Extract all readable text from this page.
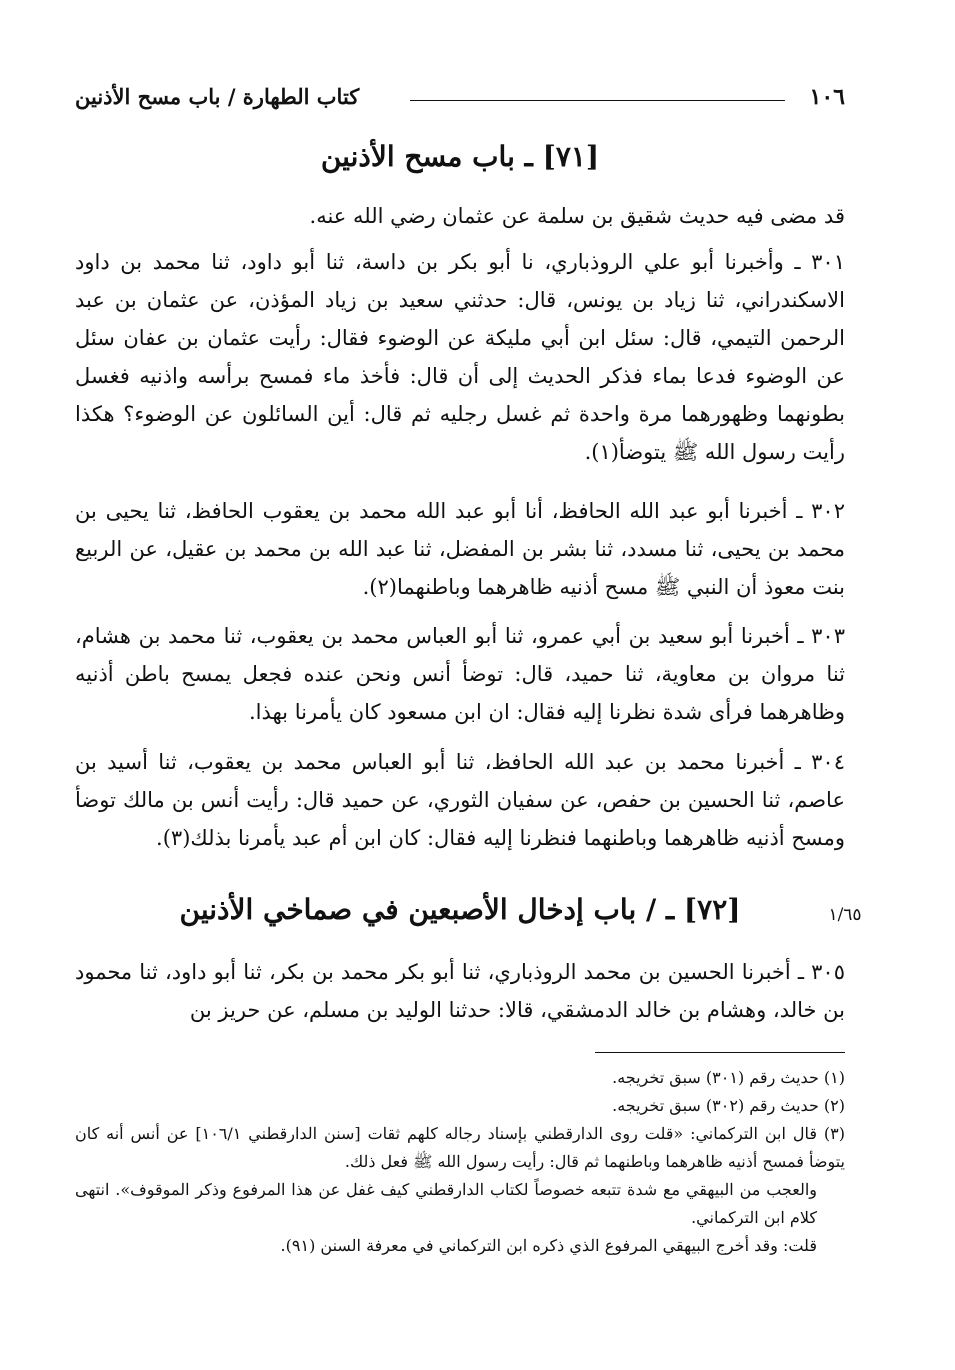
١٠٦
كتاب الطهارة / باب مسح الأذنين
[٧١] ـ باب مسح الأذنين
قد مضى فيه حديث شقيق بن سلمة عن عثمان رضي الله عنه.
٣٠١ ـ وأخبرنا أبو علي الروذباري، نا أبو بكر بن داسة، ثنا أبو داود، ثنا محمد بن داود الاسكندراني، ثنا زياد بن يونس، قال: حدثني سعيد بن زياد المؤذن، عن عثمان بن عبد الرحمن التيمي، قال: سئل ابن أبي مليكة عن الوضوء فقال: رأيت عثمان بن عفان سئل عن الوضوء فدعا بماء فذكر الحديث إلى أن قال: فأخذ ماء فمسح برأسه واذنيه فغسل بطونهما وظهورهما مرة واحدة ثم غسل رجليه ثم قال: أين السائلون عن الوضوء؟ هكذا رأيت رسول الله ﷺ يتوضأ(١).
٣٠٢ ـ أخبرنا أبو عبد الله الحافظ، أنا أبو عبد الله محمد بن يعقوب الحافظ، ثنا يحيى بن محمد بن يحيى، ثنا مسدد، ثنا بشر بن المفضل، ثنا عبد الله بن محمد بن عقيل، عن الربيع بنت معوذ أن النبي ﷺ مسح أذنيه ظاهرهما وباطنهما(٢).
٣٠٣ ـ أخبرنا أبو سعيد بن أبي عمرو، ثنا أبو العباس محمد بن يعقوب، ثنا محمد بن هشام، ثنا مروان بن معاوية، ثنا حميد، قال: توضأ أنس ونحن عنده فجعل يمسح باطن أذنيه وظاهرهما فرأى شدة نظرنا إليه فقال: ان ابن مسعود كان يأمرنا بهذا.
٣٠٤ ـ أخبرنا محمد بن عبد الله الحافظ، ثنا أبو العباس محمد بن يعقوب، ثنا أسيد بن عاصم، ثنا الحسين بن حفص، عن سفيان الثوري، عن حميد قال: رأيت أنس بن مالك توضأ ومسح أذنيه ظاهرهما وباطنهما فنظرنا إليه فقال: كان ابن أم عبد يأمرنا بذلك(٣).
[٧٢] ـ / باب إدخال الأصبعين في صماخي الأذنين	١/٦٥
٣٠٥ ـ أخبرنا الحسين بن محمد الروذباري، ثنا أبو بكر محمد بن بكر، ثنا أبو داود، ثنا محمود بن خالد، وهشام بن خالد الدمشقي، قالا: حدثنا الوليد بن مسلم، عن حريز بن
(١) حديث رقم (٣٠١) سبق تخريجه.
(٢) حديث رقم (٣٠٢) سبق تخريجه.
(٣) قال ابن التركماني: «قلت روى الدارقطني بإسناد رجاله كلهم ثقات [سنن الدارقطني ١٠٦/١] عن أنس أنه كان يتوضأ فمسح أذنيه ظاهرهما وباطنهما ثم قال: رأيت رسول الله ﷺ فعل ذلك.
والعجب من البيهقي مع شدة تتبعه خصوصاً لكتاب الدارقطني كيف غفل عن هذا المرفوع وذكر الموقوف». انتهى كلام ابن التركماني.
قلت: وقد أخرج البيهقي المرفوع الذي ذكره ابن التركماني في معرفة السنن (٩١).
